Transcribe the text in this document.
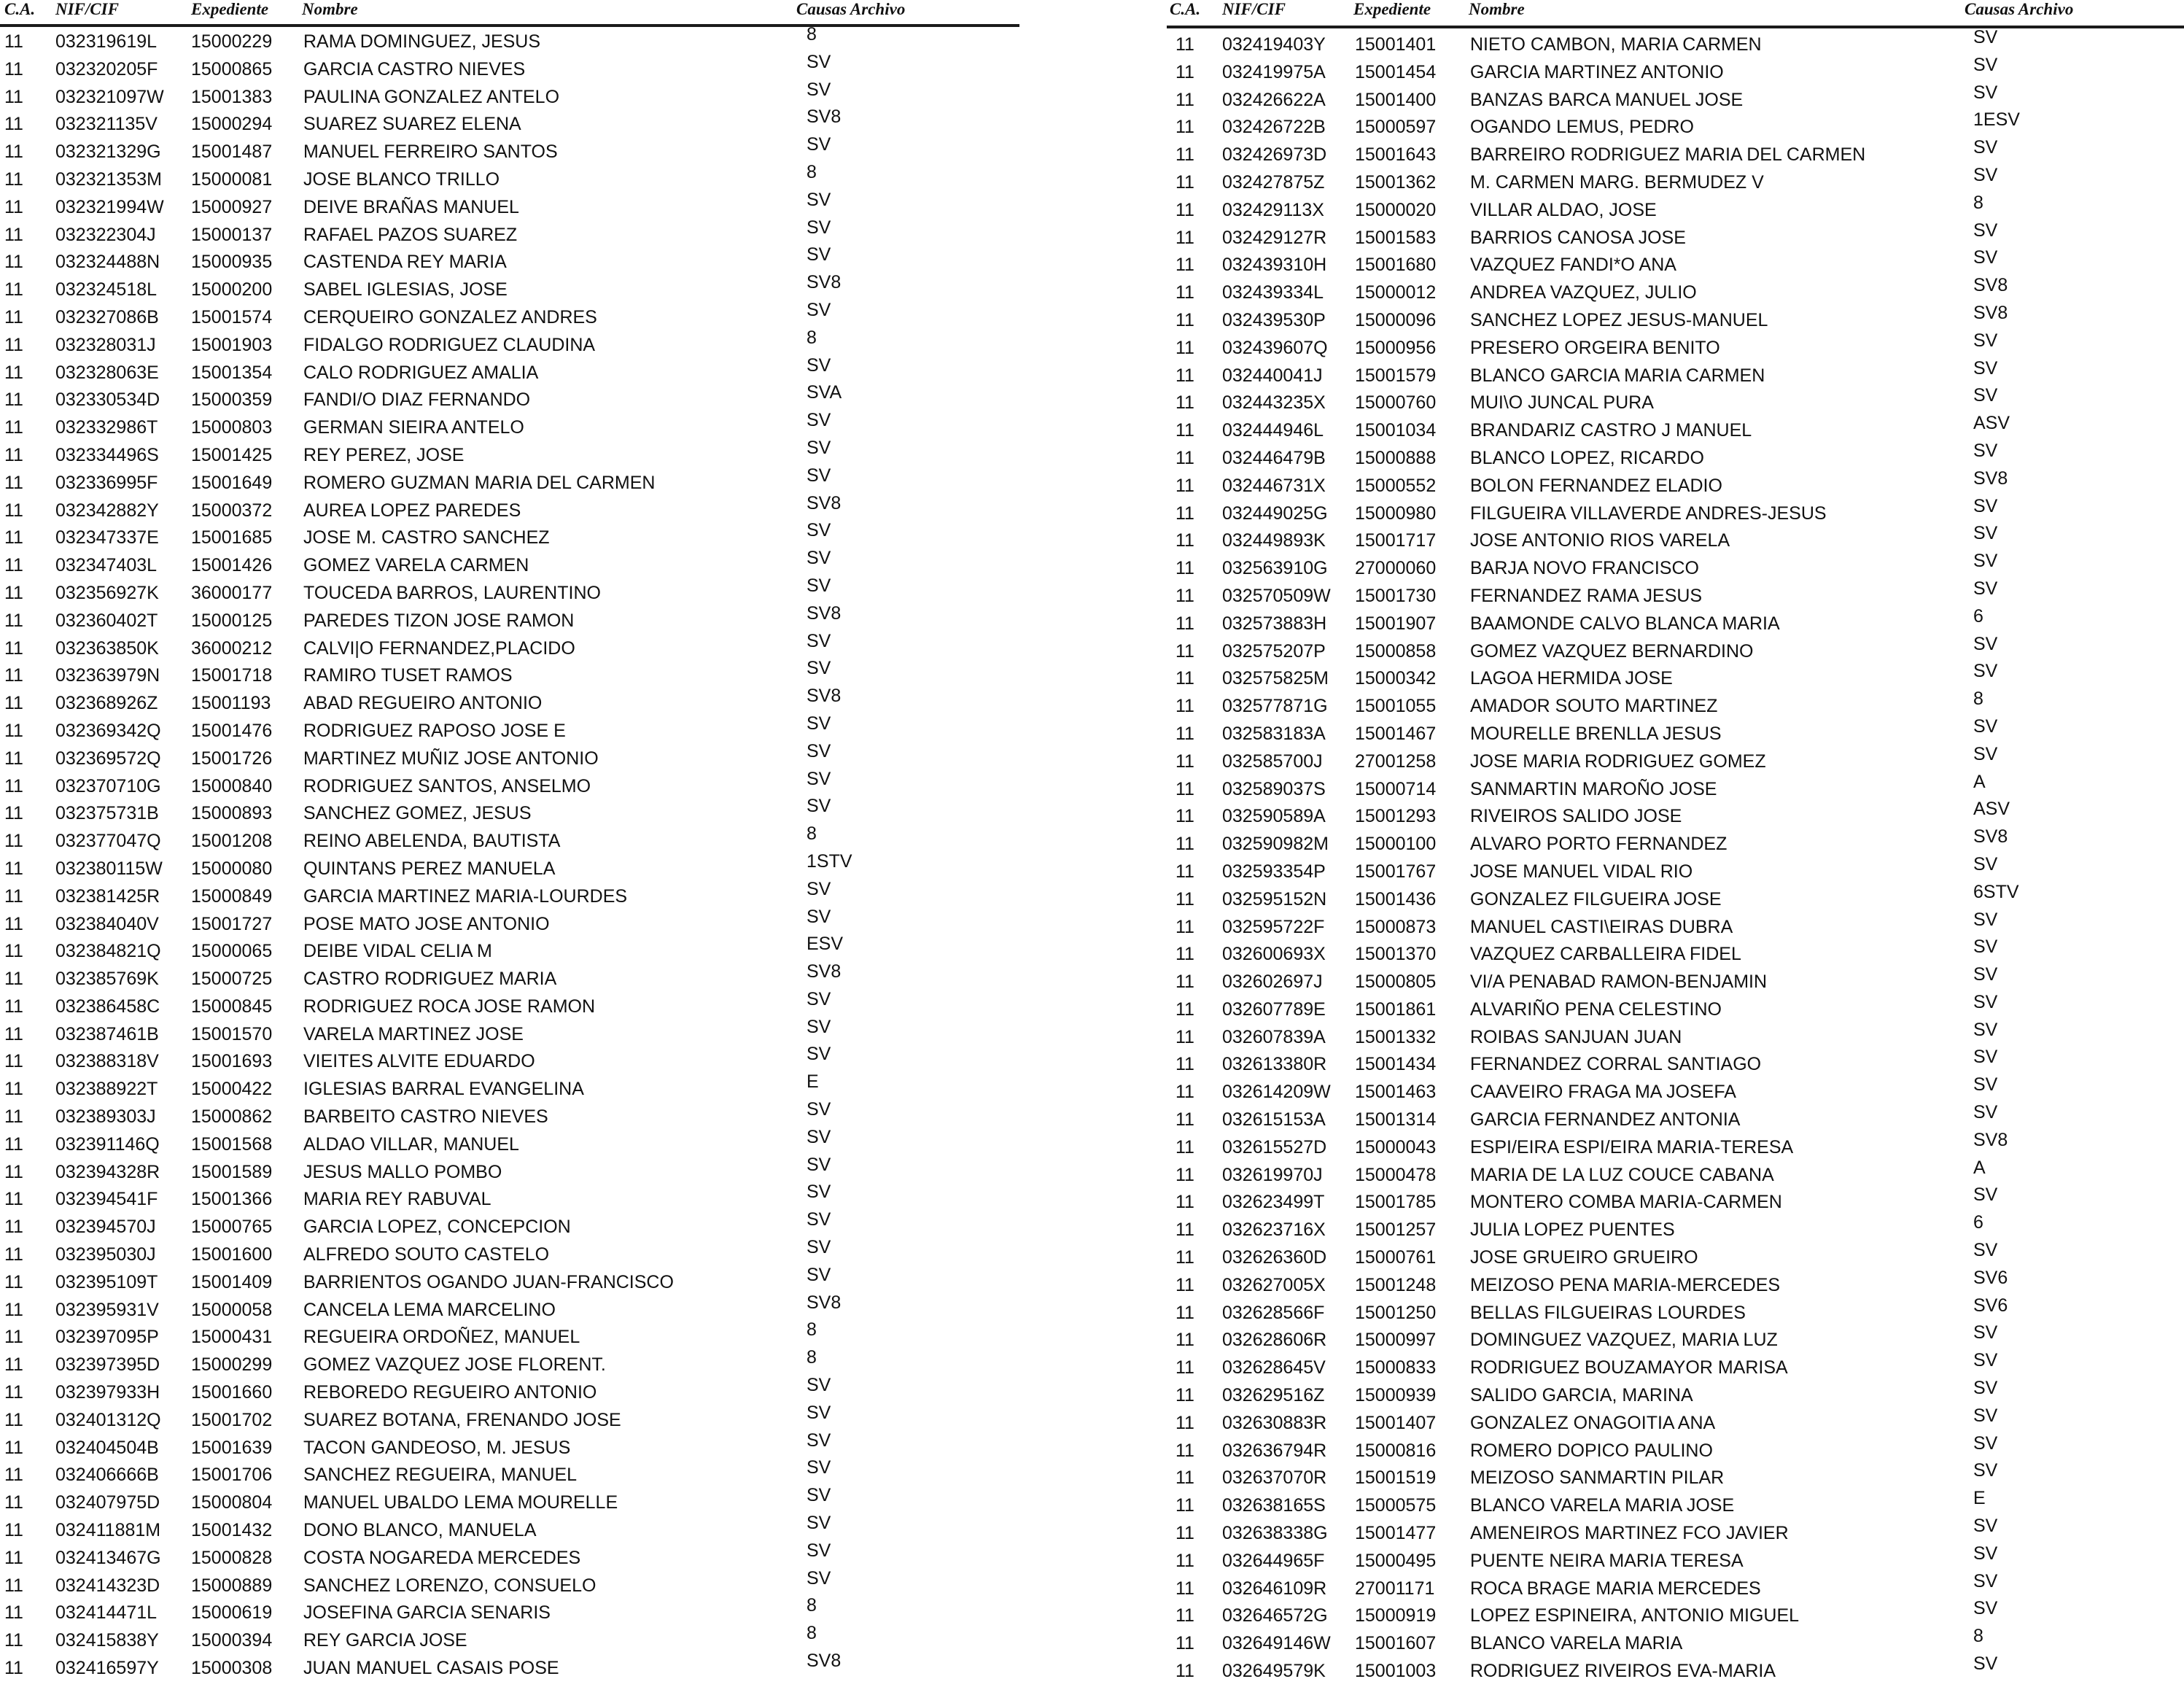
C.A. NIF/CIF	Expediente Nombre	Causas Archivo
11 032319619L 15000229 RAMA DOMINGUEZ, JESUS	8
11 032320205F 15000865 GARCIA CASTRO NIEVES	SV
11 032321097W 15001383 PAULINA GONZALEZ ANTELO	SV
11 032321135V 15000294 SUAREZ SUAREZ ELENA	SV8
11 032321329G 15001487 MANUEL FERREIRO SANTOS	SV
11 032321353M 15000081 JOSE BLANCO TRILLO	8
11 032321994W 15000927 DEIVE BRAÑAS MANUEL	SV
11 032322304J 15000137 RAFAEL PAZOS SUAREZ	SV
11 032324488N 15000935 CASTENDA REY MARIA	SV
11 032324518L 15000200 SABEL IGLESIAS, JOSE	SV8
11 032327086B 15001574 CERQUEIRO GONZALEZ ANDRES	SV
11 032328031J 15001903 FIDALGO RODRIGUEZ CLAUDINA	8
11 032328063E 15001354 CALO RODRIGUEZ AMALIA	SV
11 032330534D 15000359 FANDI/O DIAZ FERNANDO	SVA
11 032332986T 15000803 GERMAN SIEIRA ANTELO	SV
11 032334496S 15001425 REY PEREZ, JOSE	SV
11 032336995F 15001649 ROMERO GUZMAN MARIA DEL CARMEN	SV
11 032342882Y 15000372 AUREA LOPEZ PAREDES	SV8
11 032347337E 15001685 JOSE M. CASTRO SANCHEZ	SV
11 032347403L 15001426 GOMEZ VARELA CARMEN	SV
11 032356927K 36000177 TOUCEDA BARROS, LAURENTINO	SV
11 032360402T 15000125 PAREDES TIZON JOSE RAMON	SV8
11 032363850K 36000212 CALVI|O FERNANDEZ,PLACIDO	SV
11 032363979N 15001718 RAMIRO TUSET RAMOS	SV
11 032368926Z 15001193 ABAD REGUEIRO ANTONIO	SV8
11 032369342Q 15001476 RODRIGUEZ RAPOSO JOSE E	SV
11 032369572Q 15001726 MARTINEZ MUÑIZ JOSE ANTONIO	SV
11 032370710G 15000840 RODRIGUEZ SANTOS, ANSELMO	SV
11 032375731B 15000893 SANCHEZ GOMEZ, JESUS	SV
11 032377047Q 15001208 REINO ABELENDA, BAUTISTA	8
11 032380115W 15000080 QUINTANS PEREZ MANUELA	1STV
11 032381425R 15000849 GARCIA MARTINEZ MARIA-LOURDES	SV
11 032384040V 15001727 POSE MATO JOSE ANTONIO	SV
11 032384821Q 15000065 DEIBE VIDAL CELIA M	ESV
11 032385769K 15000725 CASTRO RODRIGUEZ MARIA	SV8
11 032386458C 15000845 RODRIGUEZ ROCA JOSE RAMON	SV
11 032387461B 15001570 VARELA MARTINEZ JOSE	SV
11 032388318V 15001693 VIEITES ALVITE EDUARDO	SV
11 032388922T 15000422 IGLESIAS BARRAL EVANGELINA	E
11 032389303J 15000862 BARBEITO CASTRO NIEVES	SV
11 032391146Q 15001568 ALDAO VILLAR, MANUEL	SV
11 032394328R 15001589 JESUS MALLO POMBO	SV
11 032394541F 15001366 MARIA REY RABUVAL	SV
11 032394570J 15000765 GARCIA LOPEZ, CONCEPCION	SV
11 032395030J 15001600 ALFREDO SOUTO CASTELO	SV
11 032395109T 15001409 BARRIENTOS OGANDO JUAN-FRANCISCO	SV
11 032395931V 15000058 CANCELA LEMA MARCELINO	SV8
11 032397095P 15000431 REGUEIRA ORDOÑEZ, MANUEL	8
11 032397395D 15000299 GOMEZ VAZQUEZ JOSE FLORENT.	8
11 032397933H 15001660 REBOREDO REGUEIRO ANTONIO	SV
11 032401312Q 15001702 SUAREZ BOTANA, FRENANDO JOSE	SV
11 032404504B 15001639 TACON GANDEOSO, M. JESUS	SV
11 032406666B 15001706 SANCHEZ REGUEIRA, MANUEL	SV
11 032407975D 15000804 MANUEL UBALDO LEMA MOURELLE	SV
11 032411881M 15001432 DONO BLANCO, MANUELA	SV
11 032413467G 15000828 COSTA NOGAREDA MERCEDES	SV
11 032414323D 15000889 SANCHEZ LORENZO, CONSUELO	SV
11 032414471L 15000619 JOSEFINA GARCIA SENARIS	8
11 032415838Y 15000394 REY GARCIA JOSE	8
11 032416597Y 15000308 JUAN MANUEL CASAIS POSE	SV8
C.A. NIF/CIF	Expediente Nombre	Causas Archivo
11 032419403Y 15001401 NIETO CAMBON, MARIA CARMEN	SV
11 032419975A 15001454 GARCIA MARTINEZ ANTONIO	SV
11 032426622A 15001400 BANZAS BARCA MANUEL JOSE	SV
11 032426722B 15000597 OGANDO LEMUS, PEDRO	1ESV
11 032426973D 15001643 BARREIRO RODRIGUEZ MARIA DEL CARMEN	SV
11 032427875Z 15001362 M. CARMEN MARG. BERMUDEZ V	SV
11 032429113X 15000020 VILLAR ALDAO, JOSE	8
11 032429127R 15001583 BARRIOS CANOSA JOSE	SV
11 032439310H 15001680 VAZQUEZ FANDI*O ANA	SV
11 032439334L 15000012 ANDREA VAZQUEZ, JULIO	SV8
11 032439530P 15000096 SANCHEZ LOPEZ JESUS-MANUEL	SV8
11 032439607Q 15000956 PRESERO ORGEIRA BENITO	SV
11 032440041J 15001579 BLANCO GARCIA MARIA CARMEN	SV
11 032443235X 15000760 MUI\O JUNCAL PURA	SV
11 032444946L 15001034 BRANDARIZ CASTRO J MANUEL	ASV
11 032446479B 15000888 BLANCO LOPEZ, RICARDO	SV
11 032446731X 15000552 BOLON FERNANDEZ ELADIO	SV8
11 032449025G 15000980 FILGUEIRA VILLAVERDE ANDRES-JESUS	SV
11 032449893K 15001717 JOSE ANTONIO RIOS VARELA	SV
11 032563910G 27000060 BARJA NOVO FRANCISCO	SV
11 032570509W 15001730 FERNANDEZ RAMA JESUS	SV
11 032573883H 15001907 BAAMONDE CALVO BLANCA MARIA	6
11 032575207P 15000858 GOMEZ VAZQUEZ BERNARDINO	SV
11 032575825M 15000342 LAGOA HERMIDA JOSE	SV
11 032577871G 15001055 AMADOR SOUTO MARTINEZ	8
11 032583183A 15001467 MOURELLE BRENLLA JESUS	SV
11 032585700J 27001258 JOSE MARIA RODRIGUEZ GOMEZ	SV
11 032589037S 15000714 SANMARTIN MAROÑO JOSE	A
11 032590589A 15001293 RIVEIROS SALIDO JOSE	ASV
11 032590982M 15000100 ALVARO PORTO FERNANDEZ	SV8
11 032593354P 15001767 JOSE MANUEL VIDAL RIO	SV
11 032595152N 15001436 GONZALEZ FILGUEIRA JOSE	6STV
11 032595722F 15000873 MANUEL CASTI\EIRAS DUBRA	SV
11 032600693X 15001370 VAZQUEZ CARBALLEIRA FIDEL	SV
11 032602697J 15000805 VI/A PENABAD RAMON-BENJAMIN	SV
11 032607789E 15001861 ALVARIÑO PENA CELESTINO	SV
11 032607839A 15001332 ROIBAS SANJUAN JUAN	SV
11 032613380R 15001434 FERNANDEZ CORRAL SANTIAGO	SV
11 032614209W 15001463 CAAVEIRO FRAGA MA JOSEFA	SV
11 032615153A 15001314 GARCIA FERNANDEZ ANTONIA	SV
11 032615527D 15000043 ESPI/EIRA ESPI/EIRA MARIA-TERESA	SV8
11 032619970J 15000478 MARIA DE LA LUZ COUCE CABANA	A
11 032623499T 15001785 MONTERO COMBA MARIA-CARMEN	SV
11 032623716X 15001257 JULIA LOPEZ PUENTES	6
11 032626360D 15000761 JOSE GRUEIRO GRUEIRO	SV
11 032627005X 15001248 MEIZOSO PENA MARIA-MERCEDES	SV6
11 032628566F 15001250 BELLAS FILGUEIRAS LOURDES	SV6
11 032628606R 15000997 DOMINGUEZ VAZQUEZ, MARIA LUZ	SV
11 032628645V 15000833 RODRIGUEZ BOUZAMAYOR MARISA	SV
11 032629516Z 15000939 SALIDO GARCIA, MARINA	SV
11 032630883R 15001407 GONZALEZ ONAGOITIA ANA	SV
11 032636794R 15000816 ROMERO DOPICO PAULINO	SV
11 032637070R 15001519 MEIZOSO SANMARTIN PILAR	SV
11 032638165S 15000575 BLANCO VARELA MARIA JOSE	E
11 032638338G 15001477 AMENEIROS MARTINEZ FCO JAVIER	SV
11 032644965F 15000495 PUENTE NEIRA MARIA TERESA	SV
11 032646109R 27001171 ROCA BRAGE MARIA MERCEDES	SV
11 032646572G 15000919 LOPEZ ESPINEIRA, ANTONIO MIGUEL	SV
11 032649146W 15001607 BLANCO VARELA MARIA	8
11 032649579K 15001003 RODRIGUEZ RIVEIROS EVA-MARIA	SV
